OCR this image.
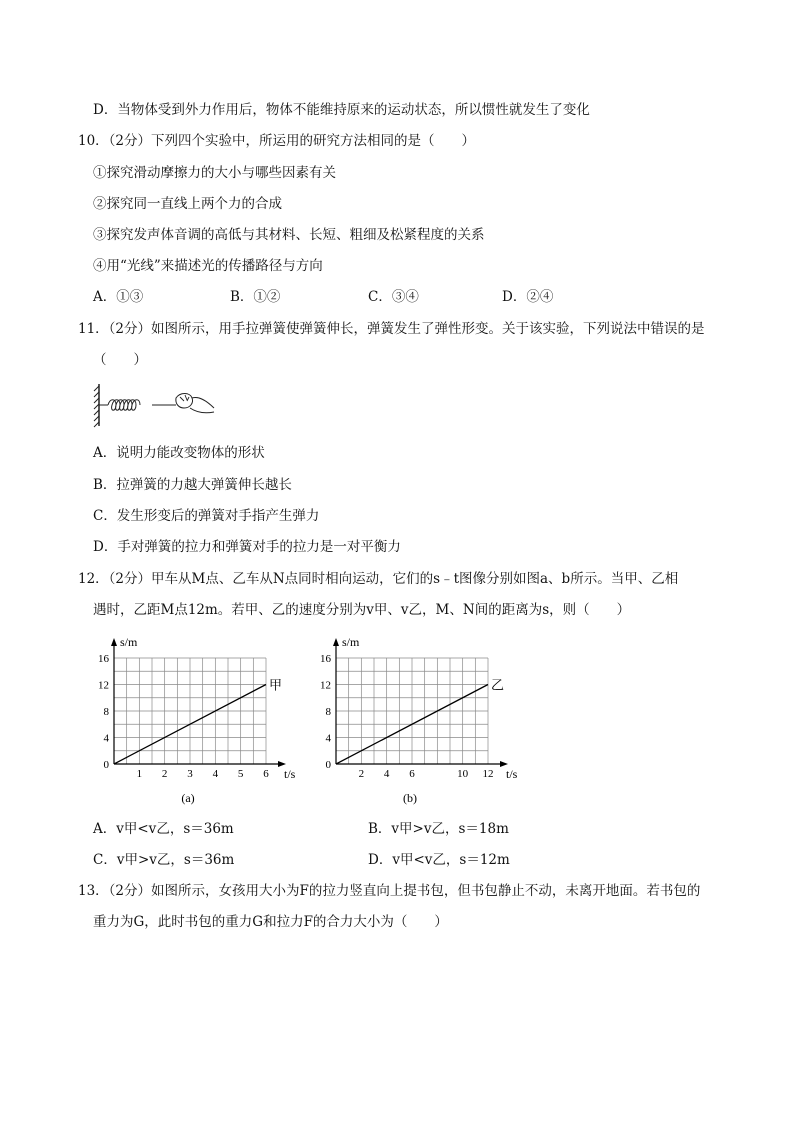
D．当物体受到外力作用后，物体不能维持原来的运动状态，所以惯性就发生了变化
10．（2分）下列四个实验中，所运用的研究方法相同的是（　　）
①探究滑动摩擦力的大小与哪些因素有关
②探究同一直线上两个力的合成
③探究发声体音调的高低与其材料、长短、粗细及松紧程度的关系
④用“光线”来描述光的传播路径与方向
A．①③	B．①②	C．③④	D．②④
11．（2分）如图所示，用手拉弹簧使弹簧伸长，弹簧发生了弹性形变。关于该实验，下列说法中错误的是
（　　）
A．说明力能改变物体的形状
B．拉弹簧的力越大弹簧伸长越长
C．发生形变后的弹簧对手指产生弹力
D．手对弹簧的拉力和弹簧对手的拉力是一对平衡力
12．（2分）甲车从M点、乙车从N点同时相向运动，它们的s﹣t图像分别如图a、b所示。当甲、乙相
遇时，乙距M点12m。若甲、乙的速度分别为v甲、v乙，M、N间的距离为s，则（　　）
0
4
8
12
16
1 2 3 4 5 6
s/m
t/s
甲
(a)
0
4
8
12
16
2 4 6	10 12
s/m
t/s
乙
(b)
A．v甲<v乙，s＝36m	B．v甲>v乙，s＝18m
C．v甲>v乙，s＝36m	D．v甲<v乙，s＝12m
13．（2分）如图所示，女孩用大小为F的拉力竖直向上提书包，但书包静止不动，未离开地面。若书包的
重力为G，此时书包的重力G和拉力F的合力大小为（　　）
